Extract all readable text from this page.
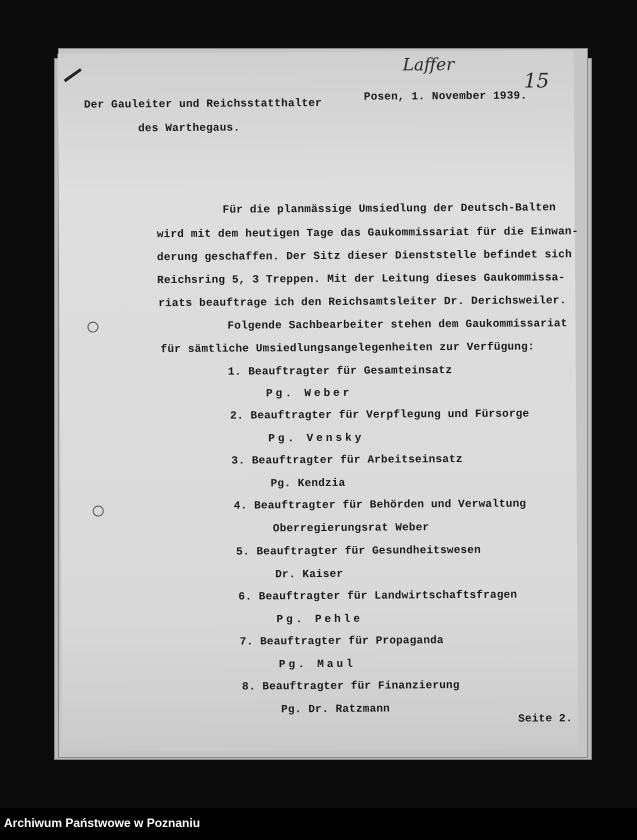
Laffer
15
Der Gauleiter und Reichsstatthalter
des Warthegaus.
Posen, 1. November 1939.
Für die planmässige Umsiedlung der Deutsch-Balten
wird mit dem heutigen Tage das Gaukommissariat für die Einwan-
derung geschaffen. Der Sitz dieser Dienststelle befindet sich
Reichsring 5, 3 Treppen. Mit der Leitung dieses Gaukommissa-
riats beauftrage ich den Reichsamtsleiter Dr. Derichsweiler.
Folgende Sachbearbeiter stehen dem Gaukommissariat
für sämtliche Umsiedlungsangelegenheiten zur Verfügung:
1. Beauftragter für Gesamteinsatz
Pg. Weber
2. Beauftragter für Verpflegung und Fürsorge
Pg. Vensky
3. Beauftragter für Arbeitseinsatz
Pg. Kendzia
4. Beauftragter für Behörden und Verwaltung
Oberregierungsrat Weber
5. Beauftragter für Gesundheitswesen
Dr. Kaiser
6. Beauftragter für Landwirtschaftsfragen
Pg. Pehle
7. Beauftragter für Propaganda
Pg. Maul
8. Beauftragter für Finanzierung
Pg. Dr. Ratzmann
Seite 2.
Archiwum Państwowe w Poznaniu
